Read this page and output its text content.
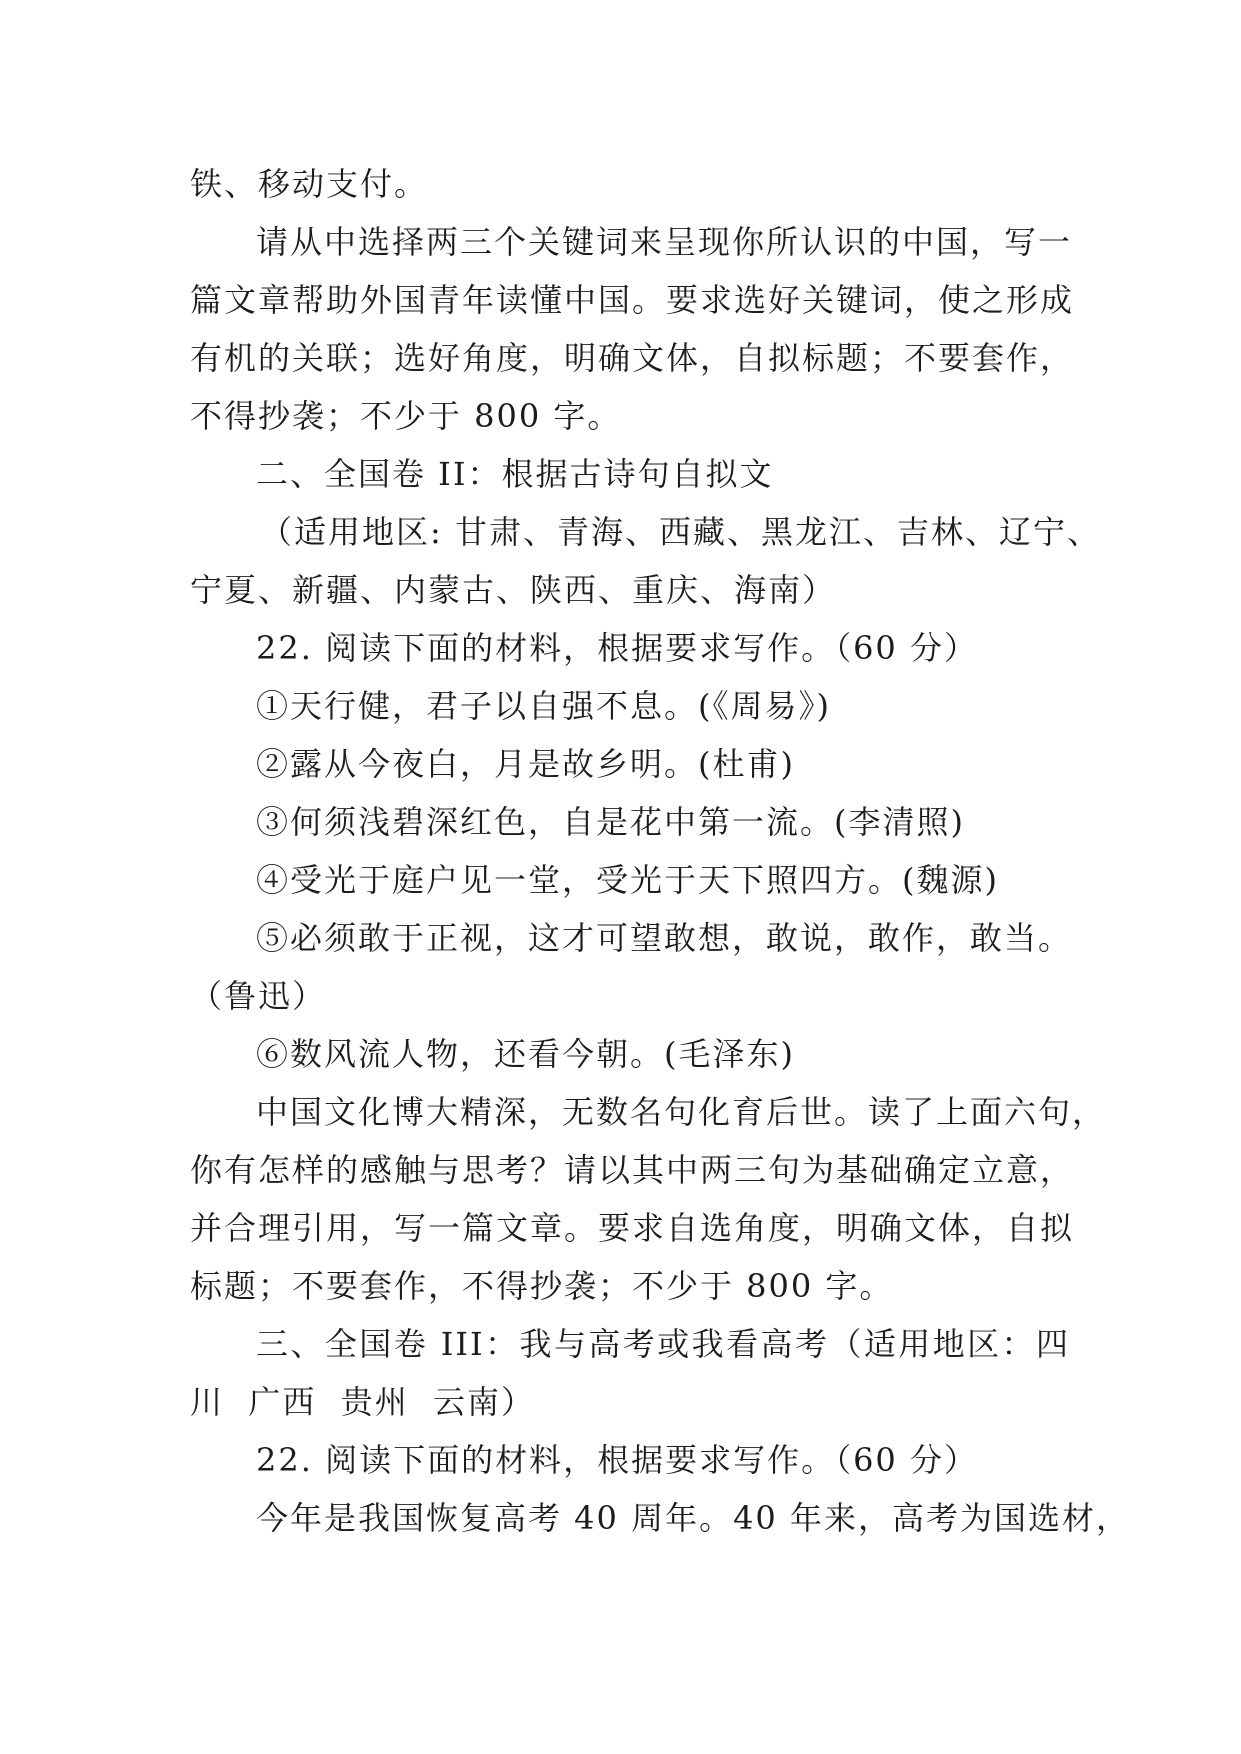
铁、移动支付。
请从中选择两三个关键词来呈现你所认识的中国，写一
篇文章帮助外国青年读懂中国。要求选好关键词，使之形成
有机的关联；选好角度，明确文体，自拟标题；不要套作，
不得抄袭；不少于 800 字。
二、全国卷 II：根据古诗句自拟文
（适用地区: 甘肃、青海、西藏、黑龙江、吉林、辽宁、
宁夏、新疆、内蒙古、陕西、重庆、海南）
22. 阅读下面的材料，根据要求写作。（60 分）
①天行健，君子以自强不息。(《周易》)
②露从今夜白，月是故乡明。(杜甫)
③何须浅碧深红色，自是花中第一流。(李清照)
④受光于庭户见一堂，受光于天下照四方。(魏源)
⑤必须敢于正视，这才可望敢想，敢说，敢作，敢当。
（鲁迅）
⑥数风流人物，还看今朝。(毛泽东)
中国文化博大精深，无数名句化育后世。读了上面六句，
你有怎样的感触与思考？请以其中两三句为基础确定立意，
并合理引用，写一篇文章。要求自选角度，明确文体，自拟
标题；不要套作，不得抄袭；不少于 800 字。
三、全国卷 III：我与高考或我看高考（适用地区：四
川  广西  贵州  云南）
22. 阅读下面的材料，根据要求写作。（60 分）
今年是我国恢复高考 40 周年。40 年来，高考为国选材，
